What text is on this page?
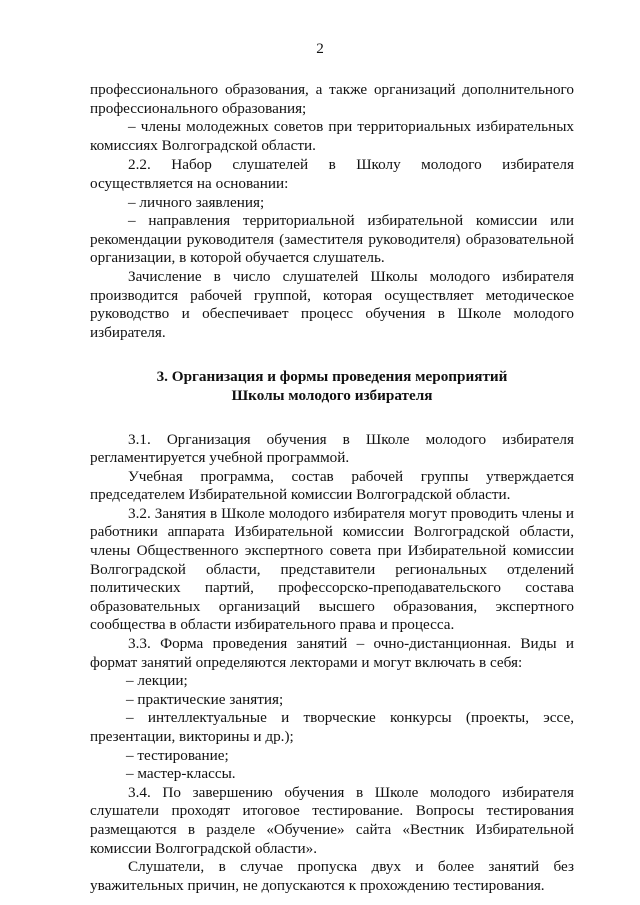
2

профессионального образования, а также организаций дополнительного профессионального образования;

– члены молодежных советов при территориальных избирательных комиссиях Волгоградской области.

2.2. Набор слушателей в Школу молодого избирателя осуществляется на основании:

– личного заявления;

– направления территориальной избирательной комиссии или рекомендации руководителя (заместителя руководителя) образовательной организации, в которой обучается слушатель.

Зачисление в число слушателей Школы молодого избирателя производится рабочей группой, которая осуществляет методическое руководство и обеспечивает процесс обучения в Школе молодого избирателя.

3. Организация и формы проведения мероприятий
Школы молодого избирателя

3.1. Организация обучения в Школе молодого избирателя регламентируется учебной программой.

Учебная программа, состав рабочей группы утверждается председателем Избирательной комиссии Волгоградской области.

3.2. Занятия в Школе молодого избирателя могут проводить члены и работники аппарата Избирательной комиссии Волгоградской области, члены Общественного экспертного совета при Избирательной комиссии Волгоградской области, представители региональных отделений политических партий, профессорско-преподавательского состава образовательных организаций высшего образования, экспертного сообщества в области избирательного права и процесса.

3.3. Форма проведения занятий – очно-дистанционная. Виды и формат занятий определяются лекторами и могут включать в себя:

– лекции;

– практические занятия;

– интеллектуальные и творческие конкурсы (проекты, эссе, презентации, викторины и др.);

– тестирование;

– мастер-классы.

3.4. По завершению обучения в Школе молодого избирателя слушатели проходят итоговое тестирование. Вопросы тестирования размещаются в разделе «Обучение» сайта «Вестник Избирательной комиссии Волгоградской области».

Слушатели, в случае пропуска двух и более занятий без уважительных причин, не допускаются к прохождению тестирования.
